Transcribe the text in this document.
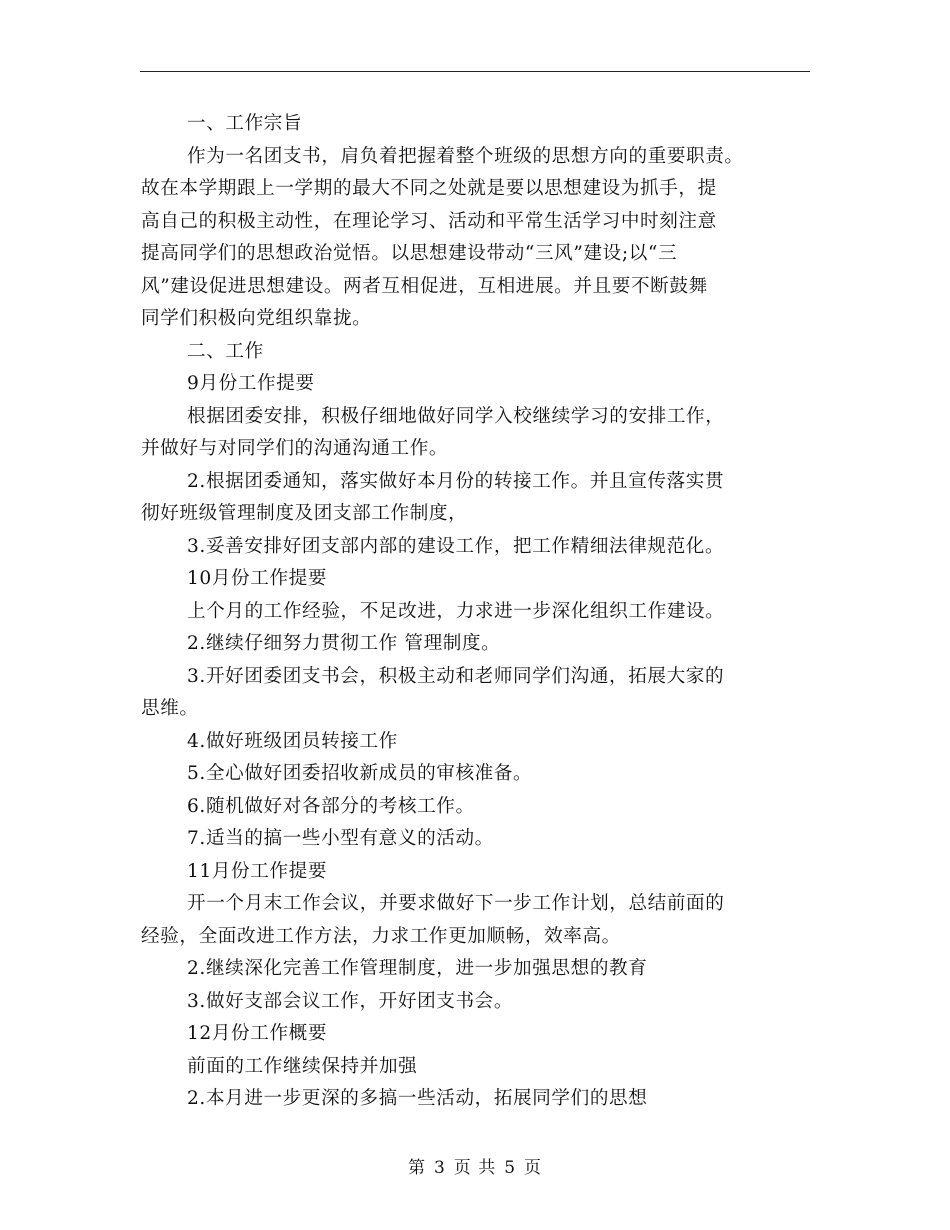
一、工作宗旨
作为一名团支书，肩负着把握着整个班级的思想方向的重要职责。
故在本学期跟上一学期的最大不同之处就是要以思想建设为抓手，提
高自己的积极主动性，在理论学习、活动和平常生活学习中时刻注意
提高同学们的思想政治觉悟。以思想建设带动“三风”建设;以“三
风”建设促进思想建设。两者互相促进，互相进展。并且要不断鼓舞
同学们积极向党组织靠拢。
二、工作
9月份工作提要
根据团委安排，积极仔细地做好同学入校继续学习的安排工作，
并做好与对同学们的沟通沟通工作。
2.根据团委通知，落实做好本月份的转接工作。并且宣传落实贯
彻好班级管理制度及团支部工作制度，
3.妥善安排好团支部内部的建设工作，把工作精细法律规范化。
10月份工作提要
上个月的工作经验，不足改进，力求进一步深化组织工作建设。
2.继续仔细努力贯彻工作 管理制度。
3.开好团委团支书会，积极主动和老师同学们沟通，拓展大家的
思维。
4.做好班级团员转接工作
5.全心做好团委招收新成员的审核准备。
6.随机做好对各部分的考核工作。
7.适当的搞一些小型有意义的活动。
11月份工作提要
开一个月末工作会议，并要求做好下一步工作计划，总结前面的
经验，全面改进工作方法，力求工作更加顺畅，效率高。
2.继续深化完善工作管理制度，进一步加强思想的教育
3.做好支部会议工作，开好团支书会。
12月份工作概要
前面的工作继续保持并加强
2.本月进一步更深的多搞一些活动，拓展同学们的思想
第 3 页 共 5 页
